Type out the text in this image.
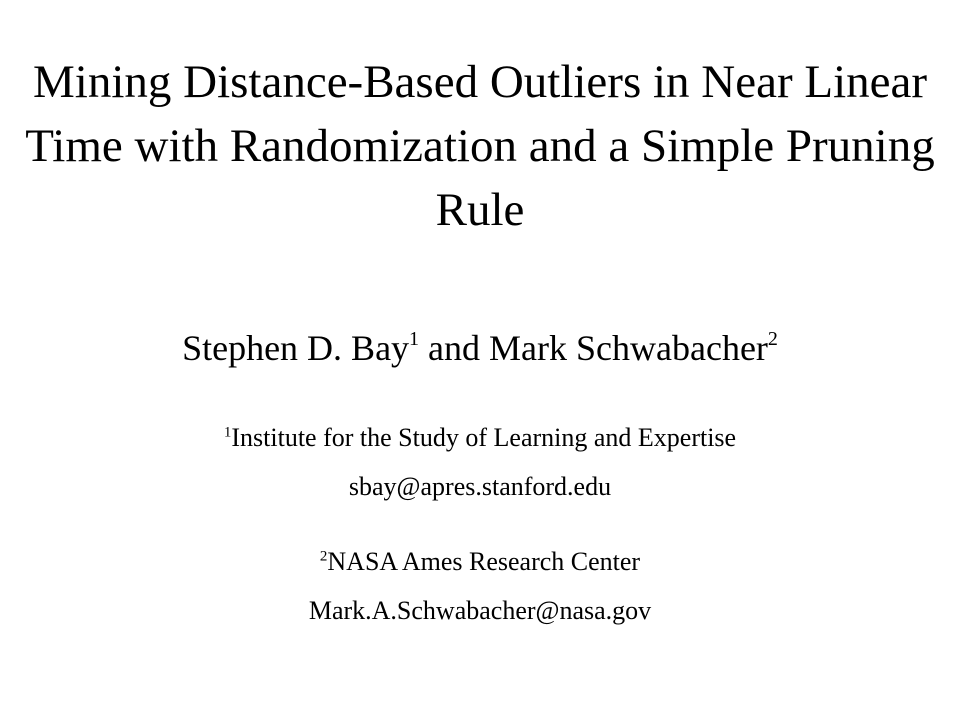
Mining Distance-Based Outliers in Near Linear Time with Randomization and a Simple Pruning Rule

Stephen D. Bay$^1$ and Mark Schwabacher$^2$

$^1$Institute for the Study of Learning and Expertise

sbay@apres.stanford.edu

$^2$NASA Ames Research Center

Mark.A.Schwabacher@nasa.gov
